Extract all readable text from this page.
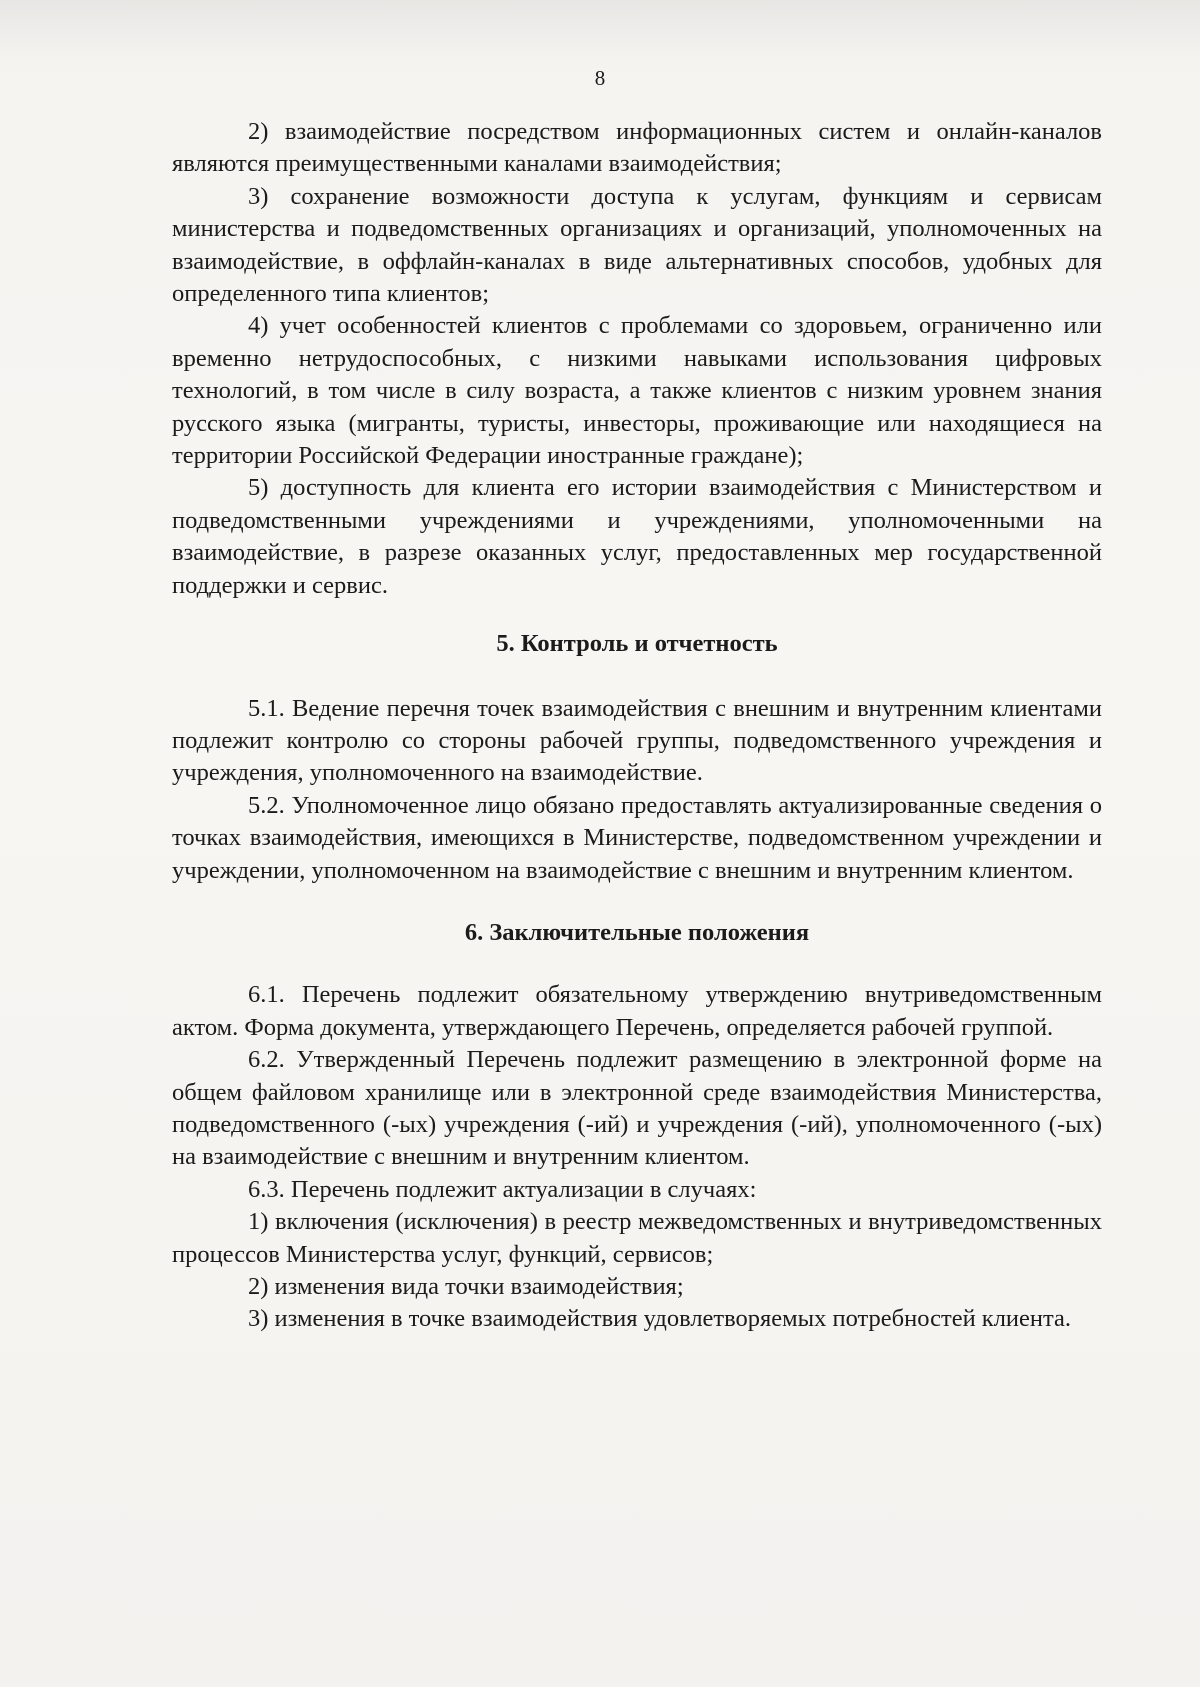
8

2) взаимодействие посредством информационных систем и онлайн-каналов являются преимущественными каналами взаимодействия;

3) сохранение возможности доступа к услугам, функциям и сервисам министерства и подведомственных организациях и организаций, уполномоченных на взаимодействие, в оффлайн-каналах в виде альтернативных способов, удобных для определенного типа клиентов;

4) учет особенностей клиентов с проблемами со здоровьем, ограниченно или временно нетрудоспособных, с низкими навыками использования цифровых технологий, в том числе в силу возраста, а также клиентов с низким уровнем знания русского языка (мигранты, туристы, инвесторы, проживающие или находящиеся на территории Российской Федерации иностранные граждане);

5) доступность для клиента его истории взаимодействия с Министерством и подведомственными учреждениями и учреждениями, уполномоченными на взаимодействие, в разрезе оказанных услуг, предоставленных мер государственной поддержки и сервис.

5. Контроль и отчетность

5.1. Ведение перечня точек взаимодействия с внешним и внутренним клиентами подлежит контролю со стороны рабочей группы, подведомственного учреждения и учреждения, уполномоченного на взаимодействие.

5.2. Уполномоченное лицо обязано предоставлять актуализированные сведения о точках взаимодействия, имеющихся в Министерстве, подведомственном учреждении и учреждении, уполномоченном на взаимодействие с внешним и внутренним клиентом.

6. Заключительные положения

6.1. Перечень подлежит обязательному утверждению внутриведомственным актом. Форма документа, утверждающего Перечень, определяется рабочей группой.

6.2. Утвержденный Перечень подлежит размещению в электронной форме на общем файловом хранилище или в электронной среде взаимодействия Министерства, подведомственного (-ых) учреждения (-ий) и учреждения (-ий), уполномоченного (-ых) на взаимодействие с внешним и внутренним клиентом.

6.3. Перечень подлежит актуализации в случаях:

1) включения (исключения) в реестр межведомственных и внутриведомственных процессов Министерства услуг, функций, сервисов;

2) изменения вида точки взаимодействия;

3) изменения в точке взаимодействия удовлетворяемых потребностей клиента.
